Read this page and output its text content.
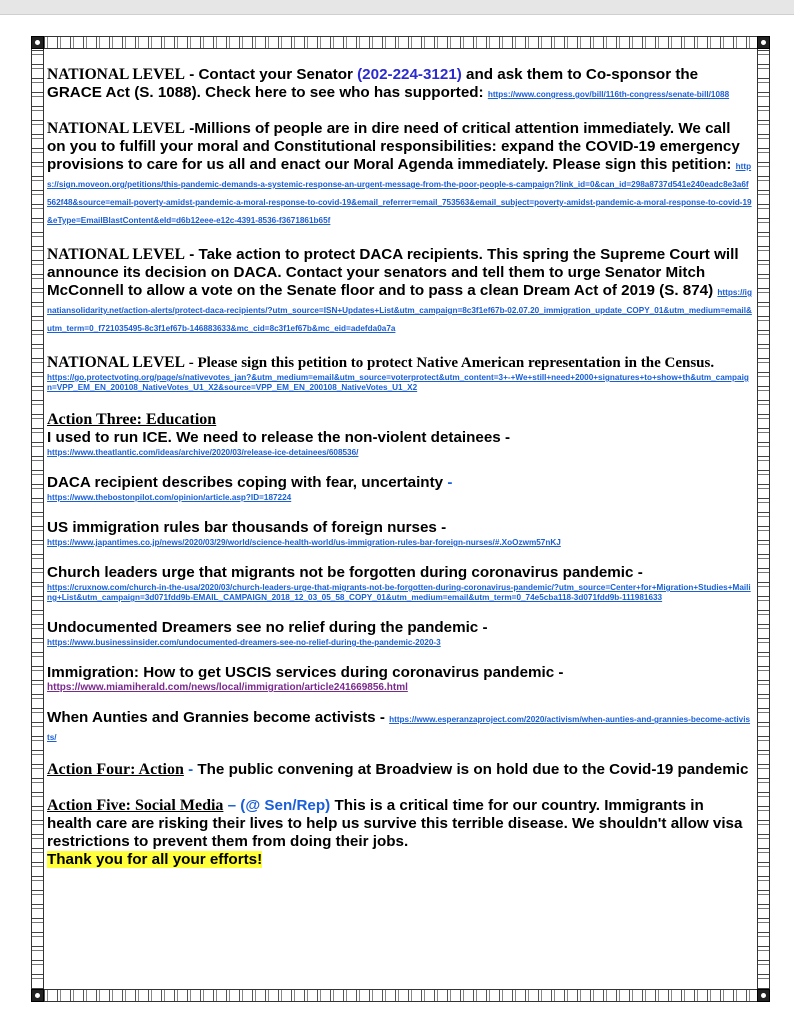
NATIONAL LEVEL - Contact your Senator (202-224-3121) and ask them to Co-sponsor the GRACE Act (S. 1088). Check here to see who has supported: https://www.congress.gov/bill/116th-congress/senate-bill/1088

NATIONAL LEVEL -Millions of people are in dire need of critical attention immediately. We call on you to fulfill your moral and Constitutional responsibilities: expand the COVID-19 emergency provisions to care for us all and enact our Moral Agenda immediately. Please sign this petition: https://sign.moveon.org/petitions/this-pandemic-demands-a-systemic-response-an-urgent-message-from-the-poor-people-s-campaign?link_id=0&can_id=298a8737d541e240eadc8e3a6f562f48&source=email-poverty-amidst-pandemic-a-moral-response-to-covid-19&email_referrer=email_753563&email_subject=poverty-amidst-pandemic-a-moral-response-to-covid-19&eType=EmailBlastContent&eId=d6b12eee-e12c-4391-8536-f3671861b65f

NATIONAL LEVEL - Take action to protect DACA recipients. This spring the Supreme Court will announce its decision on DACA. Contact your senators and tell them to urge Senator Mitch McConnell to allow a vote on the Senate floor and to pass a clean Dream Act of 2019 (S. 874) https://ignatiansolidarity.net/action-alerts/protect-daca-recipients/?utm_source=ISN+Updates+List&utm_campaign=8c3f1ef67b-02.07.20_immigration_update_COPY_01&utm_medium=email&utm_term=0_f721035495-8c3f1ef67b-146883633&mc_cid=8c3f1ef67b&mc_eid=adefda0a7a

NATIONAL LEVEL - Please sign this petition to protect Native American representation in the Census.
https://go.protectvoting.org/page/s/nativevotes_jan?&utm_medium=email&utm_source=voterprotect&utm_content=3+-+We+still+need+2000+signatures+to+show+th&utm_campaign=VPP_EM_EN_200108_NativeVotes_U1_X2&source=VPP_EM_EN_200108_NativeVotes_U1_X2

Action Three: Education
I used to run ICE. We need to release the non-violent detainees -
https://www.theatlantic.com/ideas/archive/2020/03/release-ice-detainees/608536/
DACA recipient describes coping with fear, uncertainty -
https://www.thebostonpilot.com/opinion/article.asp?ID=187224
US immigration rules bar thousands of foreign nurses -
https://www.japantimes.co.jp/news/2020/03/29/world/science-health-world/us-immigration-rules-bar-foreign-nurses/#.XoOzwm57nKJ
Church leaders urge that migrants not be forgotten during coronavirus pandemic -
https://cruxnow.com/church-in-the-usa/2020/03/church-leaders-urge-that-migrants-not-be-forgotten-during-coronavirus-pandemic/?utm_source=Center+for+Migration+Studies+Mailing+List&utm_campaign=3d071fdd9b-EMAIL_CAMPAIGN_2018_12_03_05_58_COPY_01&utm_medium=email&utm_term=0_74e5cba118-3d071fdd9b-111981633
Undocumented Dreamers see no relief during the pandemic -
https://www.businessinsider.com/undocumented-dreamers-see-no-relief-during-the-pandemic-2020-3
Immigration: How to get USCIS services during coronavirus pandemic -
https://www.miamiherald.com/news/local/immigration/article241669856.html
When Aunties and Grannies become activists - https://www.esperanzaproject.com/2020/activism/when-aunties-and-grannies-become-activists/
Action Four: Action - The public convening at Broadview is on hold due to the Covid-19 pandemic
Action Five: Social Media – (@ Sen/Rep) This is a critical time for our country. Immigrants in health care are risking their lives to help us survive this terrible disease. We shouldn't allow visa restrictions to prevent them from doing their jobs.
Thank you for all your efforts!
